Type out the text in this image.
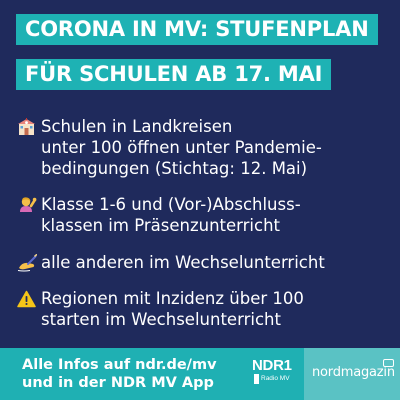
CORONA IN MV: STUFENPLAN
FÜR SCHULEN AB 17. MAI
Schulen in Landkreisen
unter 100 öffnen unter Pandemie-
bedingungen (Stichtag: 12. Mai)
Klasse 1-6 und (Vor-)Abschluss-
klassen im Präsenzunterricht
alle anderen im Wechselunterricht
Regionen mit Inzidenz über 100
starten im Wechselunterricht
Alle Infos auf ndr.de/mv
und in der NDR MV App
NDR1
Radio MV nordmagazin
